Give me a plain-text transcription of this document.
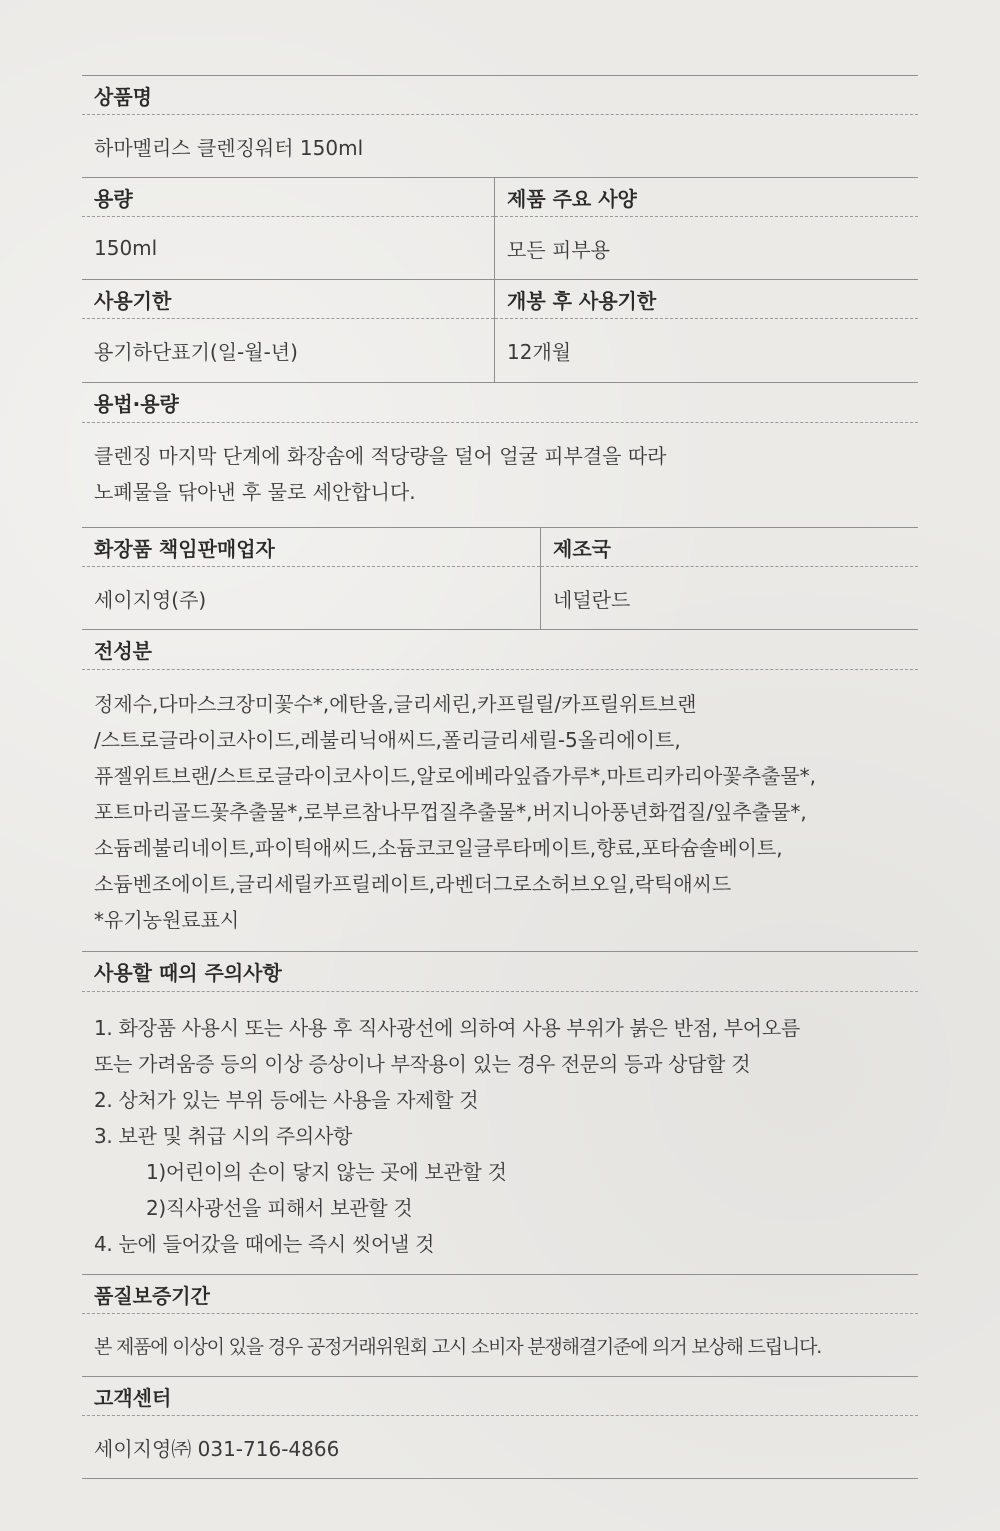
상품명
하마멜리스 클렌징워터 150ml
용량
150ml
제품 주요 사양
모든 피부용
사용기한
용기하단표기(일-월-년)
개봉 후 사용기한
12개월
용법·용량
클렌징 마지막 단계에 화장솜에 적당량을 덜어 얼굴 피부결을 따라
노폐물을 닦아낸 후 물로 세안합니다.
화장품 책임판매업자
세이지영(주)
제조국
네덜란드
전성분
정제수,다마스크장미꽃수*,에탄올,글리세린,카프릴릴/카프릴위트브랜
/스트로글라이코사이드,레불리닉애씨드,폴리글리세릴-5올리에이트,
퓨젤위트브랜/스트로글라이코사이드,알로에베라잎즙가루*,마트리카리아꽃추출물*,
포트마리골드꽃추출물*,로부르참나무껍질추출물*,버지니아풍년화껍질/잎추출물*,
소듐레불리네이트,파이틱애씨드,소듐코코일글루타메이트,향료,포타슘솔베이트,
소듐벤조에이트,글리세릴카프릴레이트,라벤더그로소허브오일,락틱애씨드
*유기농원료표시
사용할 때의 주의사항
1. 화장품 사용시 또는 사용 후 직사광선에 의하여 사용 부위가 붉은 반점, 부어오름
또는 가려움증 등의 이상 증상이나 부작용이 있는 경우 전문의 등과 상담할 것
2. 상처가 있는 부위 등에는 사용을 자제할 것
3. 보관 및 취급 시의 주의사항
1)어린이의 손이 닿지 않는 곳에 보관할 것
2)직사광선을 피해서 보관할 것
4. 눈에 들어갔을 때에는 즉시 씻어낼 것
품질보증기간
본 제품에 이상이 있을 경우 공정거래위원회 고시 소비자 분쟁해결기준에 의거 보상해 드립니다.
고객센터
세이지영㈜ 031-716-4866
